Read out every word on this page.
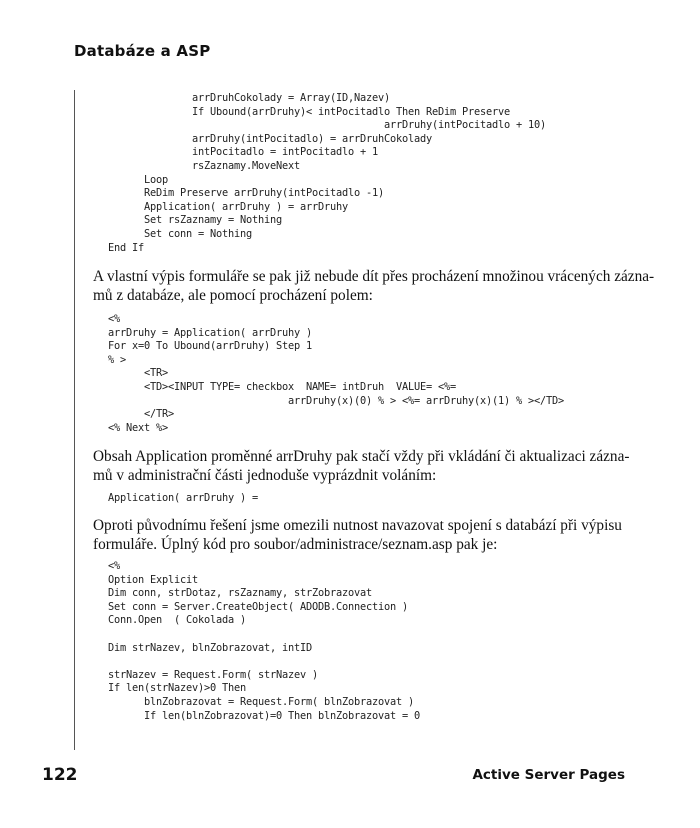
Databáze a ASP
arrDruhCokolady = Array(ID,Nazev)
If Ubound(arrDruhy)< intPocitadlo Then ReDim Preserve
arrDruhy(intPocitadlo + 10)
arrDruhy(intPocitadlo) = arrDruhCokolady
intPocitadlo = intPocitadlo + 1
rsZaznamy.MoveNext
Loop
ReDim Preserve arrDruhy(intPocitadlo -1)
Application( arrDruhy ) = arrDruhy
Set rsZaznamy = Nothing
Set conn = Nothing
End If
A vlastní výpis formuláře se pak již nebude dít přes procházení množinou vrácených zázna-
mů z databáze, ale pomocí procházení polem:
<%
arrDruhy = Application( arrDruhy )
For x=0 To Ubound(arrDruhy) Step 1
% >
<TR>
<TD><INPUT TYPE= checkbox  NAME= intDruh  VALUE= <%=
arrDruhy(x)(0) % > <%= arrDruhy(x)(1) % ></TD>
</TR>
<% Next %>
Obsah Application proměnné arrDruhy pak stačí vždy při vkládání či aktualizaci zázna-
mů v administrační části jednoduše vyprázdnit voláním:
Application( arrDruhy ) =
Oproti původnímu řešení jsme omezili nutnost navazovat spojení s databází při výpisu
formuláře. Úplný kód pro soubor/administrace/seznam.asp pak je:
<%
Option Explicit
Dim conn, strDotaz, rsZaznamy, strZobrazovat
Set conn = Server.CreateObject( ADODB.Connection )
Conn.Open  ( Cokolada )
Dim strNazev, blnZobrazovat, intID
strNazev = Request.Form( strNazev )
If len(strNazev)>0 Then
blnZobrazovat = Request.Form( blnZobrazovat )
If len(blnZobrazovat)=0 Then blnZobrazovat = 0
122	Active Server Pages
